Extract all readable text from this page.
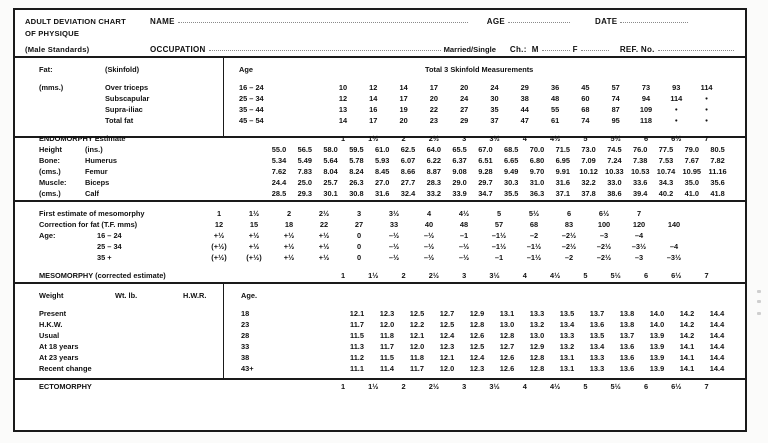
ADULT DEVIATION CHART	NAME	AGE	DATE
OF PHYSIQUE
(Male Standards)	OCCUPATION	Married/Single Ch.: M	F	REF. No.
Fat:	(Skinfold)	Age	Total 3 Skinfold Measurements
(mms.)	Over triceps	16 – 24	10	12	14	17	20	24	29	36	45	57	73	93	114
Subscapular	25 – 34	12	14	17	20	24	30	38	48	60	74	94	114	•
Supra-iliac	35 – 44	13	16	19	22	27	35	44	55	68	87	109	•	•
Total fat	45 – 54	14	17	20	23	29	37	47	61	74	95	118	•	•
ENDOMORPHY Estimate	1	1½	2	2½	3	3½	4	4½	5	5½	6	6½	7
Height	(ins.)	55.0	56.5	58.0	59.5	61.0	62.5	64.0	65.5	67.0	68.5	70.0	71.5	73.0	74.5	76.0	77.5	79.0	80.5
Bone:	Humerus	5.34	5.49	5.64	5.78	5.93	6.07	6.22	6.37	6.51	6.65	6.80	6.95	7.09	7.24	7.38	7.53	7.67	7.82
(cms.)	Femur	7.62	7.83	8.04	8.24	8.45	8.66	8.87	9.08	9.28	9.49	9.70	9.91	10.12 10.33 10.53 10.74 10.95	11.16
Muscle: Biceps	24.4	25.0	25.7	26.3	27.0	27.7	28.3	29.0	29.7	30.3	31.0	31.6	32.2	33.0	33.6	34.3	35.0	35.6
(cms.)	Calf	28.5	29.3	30.1	30.8	31.6	32.4	33.2	33.9	34.7	35.5	36.3	37.1	37.8	38.6	39.4	40.2	41.0	41.8
First estimate of mesomorphy	1	1½	2	2½	3	3½	4	4½	5	5½	6	6½	7
Correction for fat (T.F. mms)	12	15	18	22	27	33	40	48	57	68	83	100	120	140
Age:	16 – 24	+½	+½	+½	+½	0	–½	–½	–1	–1½	–2	–2½	–3	–4
25 – 34	(+½)	+½	+½	+½	0	–½	–½	–½	–1½	–1½	–2½	–2½	–3½	–4
35 +	(+½)	(+½)	+½	+½	0	–½	–½	–½	–1	–1½	–2	–2½	–3	–3½
MESOMORPHY (corrected estimate)	1	1½	2	2½	3	3½	4	4½	5	5½	6	6½	7
Weight	Wt. lb.	H.W.R.	Age.
Present	18	12.1	12.3	12.5	12.7	12.9	13.1	13.3	13.5	13.7	13.8	14.0	14.2	14.4
H.K.W.	23	11.7	12.0	12.2	12.5	12.8	13.0	13.2	13.4	13.6	13.8	14.0	14.2	14.4
Usual	28	11.5	11.8	12.1	12.4	12.6	12.8	13.0	13.3	13.5	13.7	13.9	14.2	14.4
At 18 years	33	11.3	11.7	12.0	12.3	12.5	12.7	12.9	13.2	13.4	13.6	13.9	14.1	14.4
At 23 years	38	11.2	11.5	11.8	12.1	12.4	12.6	12.8	13.1	13.3	13.6	13.9	14.1	14.4
Recent change	43+	11.1	11.4	11.7	12.0	12.3	12.6	12.8	13.1	13.3	13.6	13.9	14.1	14.4
ECTOMORPHY	1	1½	2	2½	3	3½	4	4½	5	5½	6	6½	7
